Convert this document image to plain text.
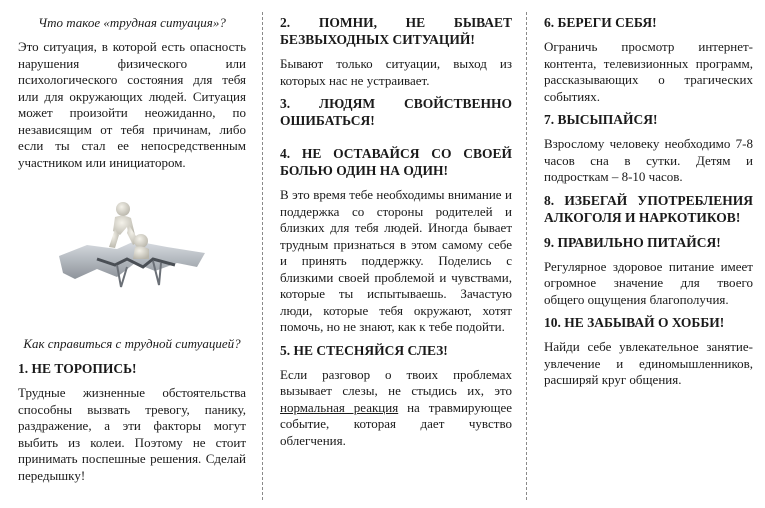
Что такое «трудная ситуация»?

Это ситуация, в которой есть опасность нарушения физического или психологического состояния для тебя или для окружающих людей. Ситуация может произойти неожиданно, по независящим от тебя причинам, либо если ты стал ее непосредственным участником или инициатором.

Как справиться с трудной ситуацией?
1. НЕ ТОРОПИСЬ!

Трудные жизненные обстоятельства способны вызвать тревогу, панику, раздражение, а эти факторы могут выбить из колеи. Поэтому не стоит принимать поспешные решения. Сделай передышку!

2. ПОМНИ, НЕ БЫВАЕТ БЕЗВЫХОДНЫХ СИТУАЦИЙ!

Бывают только ситуации, выход из которых нас не устраивает.

3. ЛЮДЯМ СВОЙСТВЕННО ОШИБАТЬСЯ!
4. НЕ ОСТАВАЙСЯ СО СВОЕЙ БОЛЬЮ ОДИН НА ОДИН!

В это время тебе необходимы внимание и поддержка со стороны родителей и близких для тебя людей. Иногда бывает трудным признаться в этом самому себе и принять поддержку. Поделись с близкими своей проблемой и чувствами, которые ты испытываешь. Зачастую люди, которые тебя окружают, хотят помочь, но не знают, как к тебе подойти.

5. НЕ СТЕСНЯЙСЯ СЛЕЗ!

Если разговор о твоих проблемах вызывает слезы, не стыдись их, это нормальная реакция на травмирующее событие, которая дает чувство облегчения.

6. БЕРЕГИ СЕБЯ!

Ограничь просмотр интернет-контента, телевизионных программ, рассказывающих о трагических событиях.

7. ВЫСЫПАЙСЯ!

Взрослому человеку необходимо 7-8 часов сна в сутки. Детям и подросткам – 8-10 часов.

8. ИЗБЕГАЙ УПОТРЕБЛЕНИЯ АЛКОГОЛЯ И НАРКОТИКОВ!
9. ПРАВИЛЬНО ПИТАЙСЯ!

Регулярное здоровое питание имеет огромное значение для твоего общего ощущения благополучия.

10. НЕ ЗАБЫВАЙ О ХОББИ!

Найди себе увлекательное занятие-увлечение и единомышленников, расширяй круг общения.
